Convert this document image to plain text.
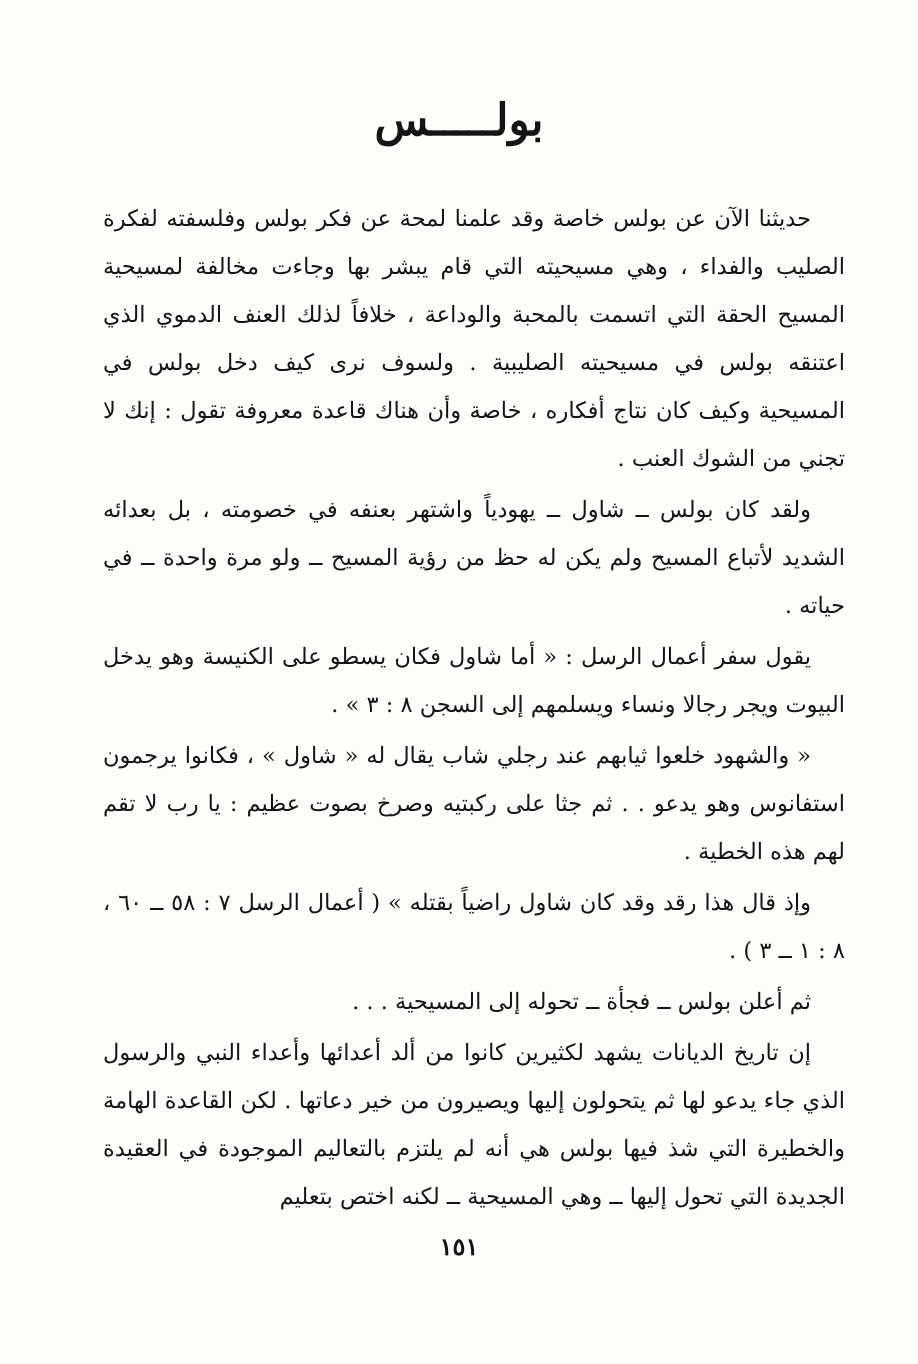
بولـــــس

حديثنا الآن عن بولس خاصة وقد علمنا لمحة عن فكر بولس وفلسفته لفكرة الصليب والفداء ، وهي مسيحيته التي قام يبشر بها وجاءت مخالفة لمسيحية المسيح الحقة التي اتسمت بالمحبة والوداعة ، خلافاً لذلك العنف الدموي الذي اعتنقه بولس في مسيحيته الصليبية . ولسوف نرى كيف دخل بولس في المسيحية وكيف كان نتاج أفكاره ، خاصة وأن هناك قاعدة معروفة تقول : إنك لا تجني من الشوك العنب .

ولقد كان بولس ــ شاول ــ يهودياً واشتهر بعنفه في خصومته ، بل بعدائه الشديد لأتباع المسيح ولم يكن له حظ من رؤية المسيح ــ ولو مرة واحدة ــ في حياته .

يقول سفر أعمال الرسل : « أما شاول فكان يسطو على الكنيسة وهو يدخل البيوت ويجر رجالا ونساء ويسلمهم إلى السجن ٨ : ٣ » .

« والشهود خلعوا ثيابهم عند رجلي شاب يقال له « شاول » ، فكانوا يرجمون استفانوس وهو يدعو . . ثم جثا على ركبتيه وصرخ بصوت عظيم : يا رب لا تقم لهم هذه الخطية .

وإذ قال هذا رقد وقد كان شاول راضياً بقتله » ( أعمال الرسل ٧ : ٥٨ ــ ٦٠ ، ٨ : ١ ــ ٣ ) .

ثم أعلن بولس ــ فجأة ــ تحوله إلى المسيحية . . .

إن تاريخ الديانات يشهد لكثيرين كانوا من ألد أعدائها وأعداء النبي والرسول الذي جاء يدعو لها ثم يتحولون إليها ويصيرون من خير دعاتها . لكن القاعدة الهامة والخطيرة التي شذ فيها بولس هي أنه لم يلتزم بالتعاليم الموجودة في العقيدة الجديدة التي تحول إليها ــ وهي المسيحية ــ لكنه اختص بتعليم

١٥١
